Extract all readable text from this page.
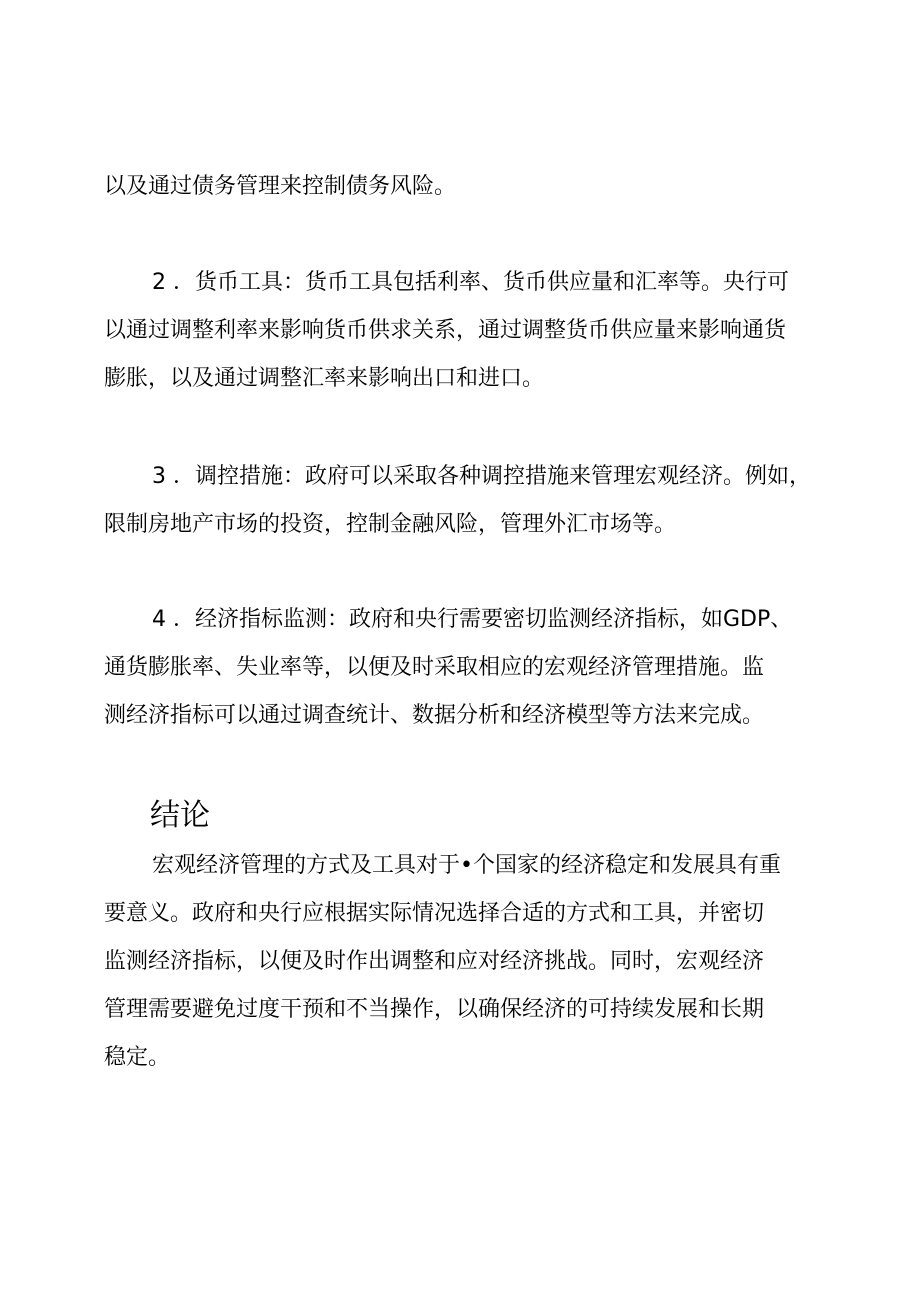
以及通过债务管理来控制债务风险。
2 ．货币工具：货币工具包括利率、货币供应量和汇率等。央行可
以通过调整利率来影响货币供求关系，通过调整货币供应量来影响通货
膨胀，以及通过调整汇率来影响出口和进口。
3 ．调控措施：政府可以采取各种调控措施来管理宏观经济。例如，
限制房地产市场的投资，控制金融风险，管理外汇市场等。
4 ．经济指标监测：政府和央行需要密切监测经济指标，如GDP、
通货膨胀率、失业率等，以便及时采取相应的宏观经济管理措施。监
测经济指标可以通过调查统计、数据分析和经济模型等方法来完成。
结论
宏观经济管理的方式及工具对于•个国家的经济稳定和发展具有重
要意义。政府和央行应根据实际情况选择合适的方式和工具，并密切
监测经济指标，以便及时作出调整和应对经济挑战。同时，宏观经济
管理需要避免过度干预和不当操作，以确保经济的可持续发展和长期
稳定。
